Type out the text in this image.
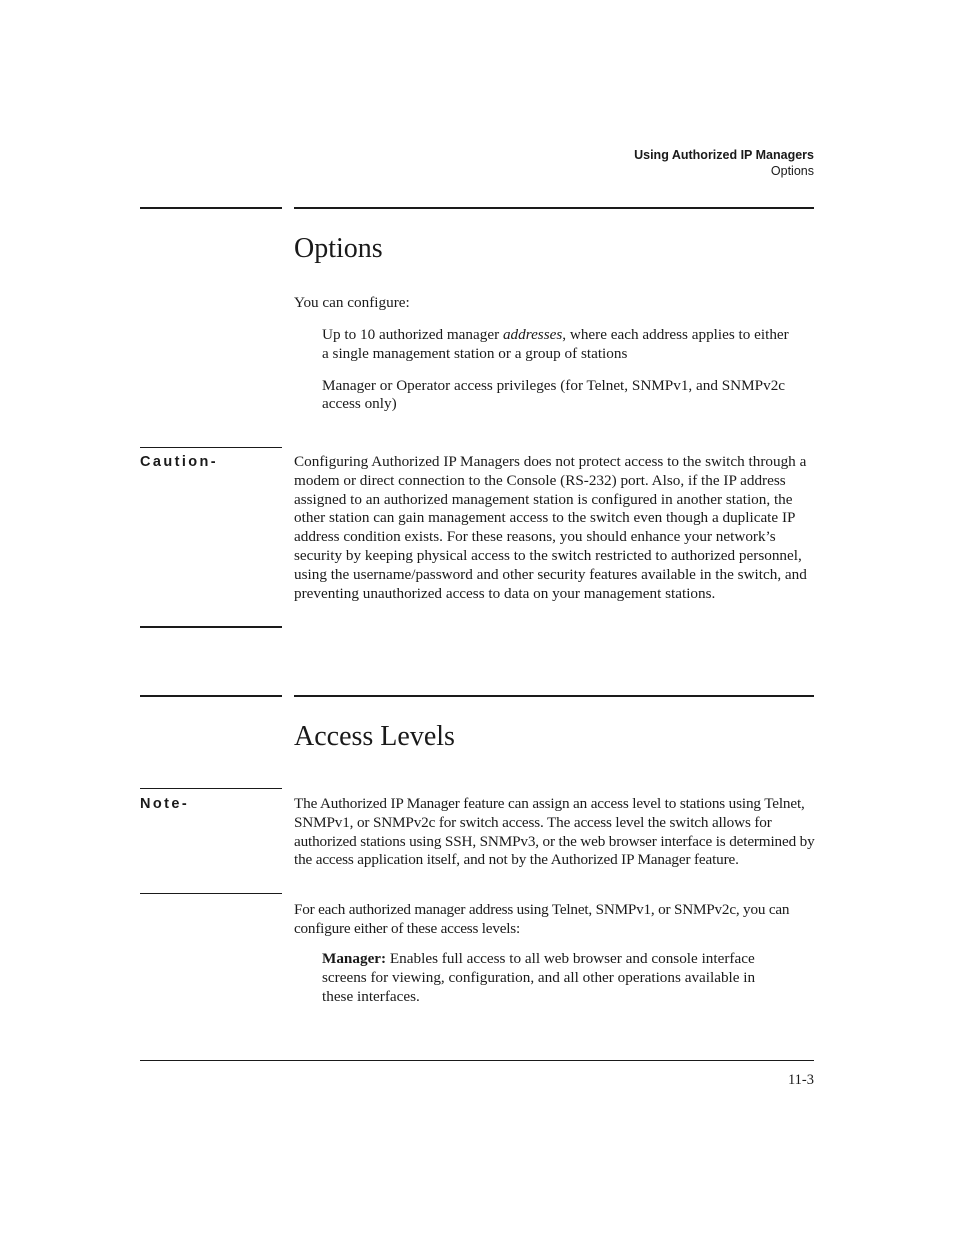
Using Authorized IP Managers
Options
Options

You can configure:

Up to 10 authorized manager addresses, where each address applies to either a single management station or a group of stations
Manager or Operator access privileges (for Telnet, SNMPv1, and SNMPv2c access only)
Caution-	Configuring Authorized IP Managers does not protect access to the switch through a modem or direct connection to the Console (RS-232) port. Also, if the IP address assigned to an authorized management station is configured in another station, the other station can gain management access to the switch even though a duplicate IP address condition exists. For these reasons, you should enhance your network’s security by keeping physical access to the switch restricted to authorized personnel, using the username/password and other security features available in the switch, and preventing unauthorized access to data on your management stations.

Access Levels
Note-	The Authorized IP Manager feature can assign an access level to stations using Telnet, SNMPv1, or SNMPv2c for switch access. The access level the switch allows for authorized stations using SSH, SNMPv3, or the web browser interface is determined by the access application itself, and not by the Authorized IP Manager feature.

For each authorized manager address using Telnet, SNMPv1, or SNMPv2c, you can configure either of these access levels:

Manager: Enables full access to all web browser and console interface screens for viewing, configuration, and all other operations available in these interfaces.

11-3
